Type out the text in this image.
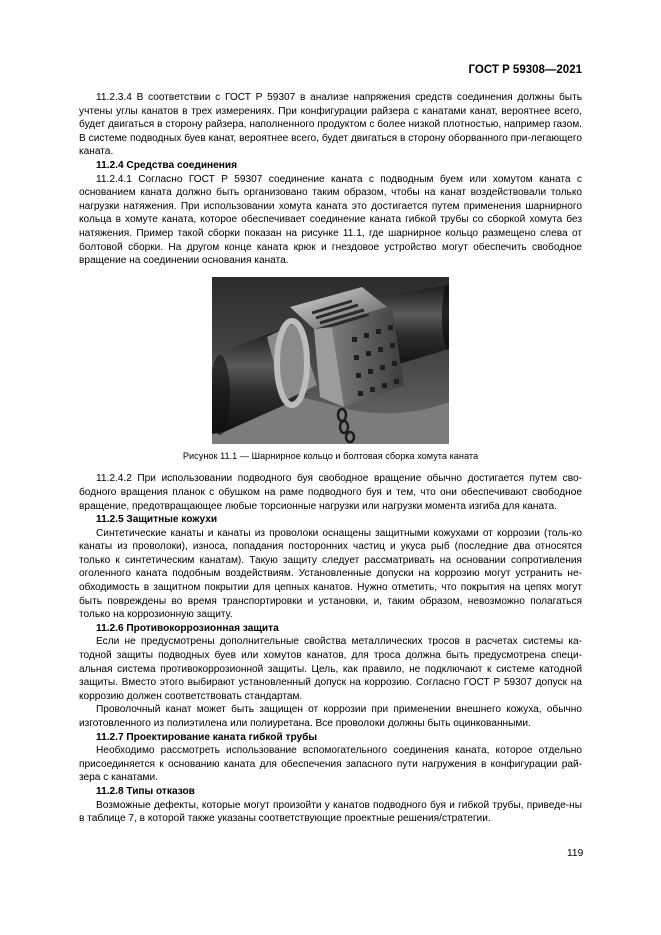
ГОСТ Р 59308—2021

11.2.3.4 В соответствии с ГОСТ Р 59307 в анализе напряжения средств соединения должны быть учтены углы канатов в трех измерениях. При конфигурации райзера с канатами канат, вероятнее всего, будет двигаться в сторону райзера, наполненного продуктом с более низкой плотностью, например газом. В системе подводных буев канат, вероятнее всего, будет двигаться в сторону оборванного при-легающего каната.

11.2.4 Средства соединения

11.2.4.1 Согласно ГОСТ Р 59307 соединение каната с подводным буем или хомутом каната с основанием каната должно быть организовано таким образом, чтобы на канат воздействовали только нагрузки натяжения. При использовании хомута каната это достигается путем применения шарнирного кольца в хомуте каната, которое обеспечивает соединение каната гибкой трубы со сборкой хомута без натяжения. Пример такой сборки показан на рисунке 11.1, где шарнирное кольцо размещено слева от болтовой сборки. На другом конце каната крюк и гнездовое устройство могут обеспечить свободное вращение на соединении основания каната.

Рисунок 11.1 — Шарнирное кольцо и болтовая сборка хомута каната

11.2.4.2 При использовании подводного буя свободное вращение обычно достигается путем сво-бодного вращения планок с обушком на раме подводного буя и тем, что они обеспечивают свободное вращение, предотвращающее любые торсионные нагрузки или нагрузки момента изгиба для каната.

11.2.5 Защитные кожухи

Синтетические канаты и канаты из проволоки оснащены защитными кожухами от коррозии (толь-ко канаты из проволоки), износа, попадания посторонних частиц и укуса рыб (последние два относятся только к синтетическим канатам). Такую защиту следует рассматривать на основании сопротивления оголенного каната подобным воздействиям. Установленные допуски на коррозию могут устранить не-обходимость в защитном покрытии для цепных канатов. Нужно отметить, что покрытия на цепях могут быть повреждены во время транспортировки и установки, и, таким образом, невозможно полагаться только на коррозионную защиту.

11.2.6 Противокоррозионная защита

Если не предусмотрены дополнительные свойства металлических тросов в расчетах системы ка-тодной защиты подводных буев или хомутов канатов, для троса должна быть предусмотрена специ-альная система противокоррозионной защиты. Цель, как правило, не подключают к системе катодной защиты. Вместо этого выбирают установленный допуск на коррозию. Согласно ГОСТ Р 59307 допуск на коррозию должен соответствовать стандартам.

Проволочный канат может быть защищен от коррозии при применении внешнего кожуха, обычно изготовленного из полиэтилена или полиуретана. Все проволоки должны быть оцинкованными.

11.2.7 Проектирование каната гибкой трубы

Необходимо рассмотреть использование вспомогательного соединения каната, которое отдельно присоединяется к основанию каната для обеспечения запасного пути нагружения в конфигурации рай-зера с канатами.

11.2.8 Типы отказов

Возможные дефекты, которые могут произойти у канатов подводного буя и гибкой трубы, приведе-ны в таблице 7, в которой также указаны соответствующие проектные решения/стратегии.

119
